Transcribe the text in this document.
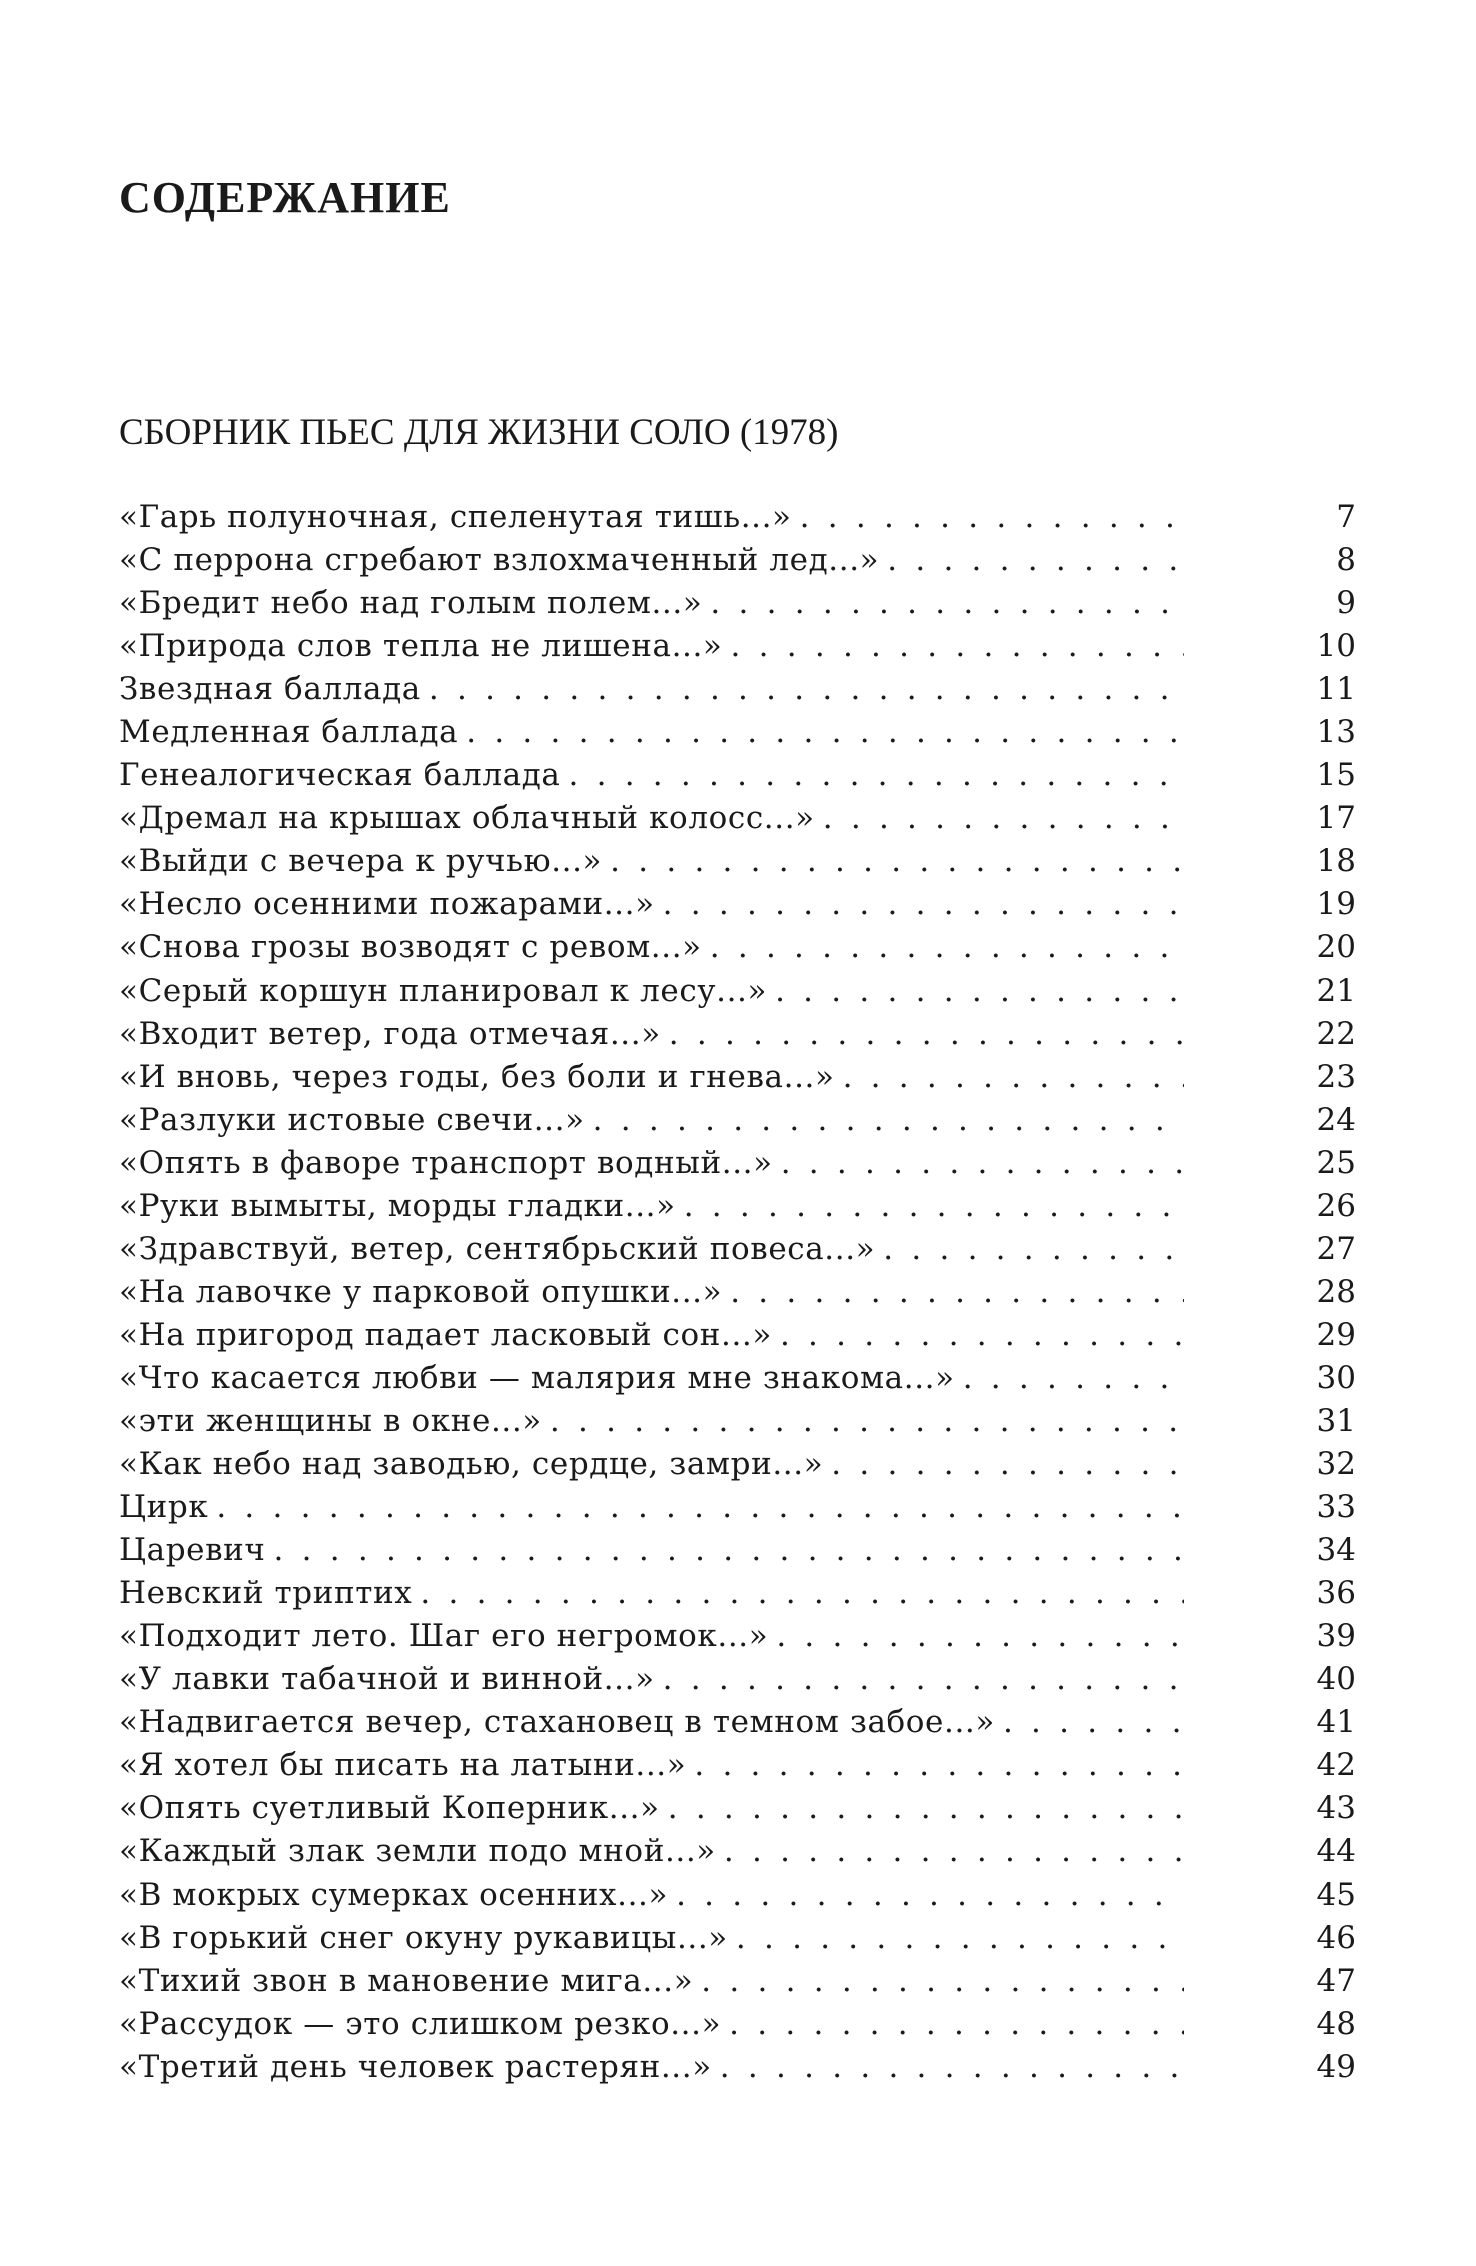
СОДЕРЖАНИЕ
СБОРНИК ПЬЕС ДЛЯ ЖИЗНИ СОЛО (1978)
«Гарь полуночная, спеленутая тишь...» . . .	7
«С перрона сгребают взлохмаченный лед...» . . .	8
«Бредит небо над голым полем...» . . .	9
«Природа слов тепла не лишена...» . . .	10
Звездная баллада . . .	11
Медленная баллада . . .	13
Генеалогическая баллада . . .	15
«Дремал на крышах облачный колосс...» . . .	17
«Выйди с вечера к ручью...» . . .	18
«Несло осенними пожарами...» . . .	19
«Снова грозы возводят с ревом...» . . .	20
«Серый коршун планировал к лесу...» . . .	21
«Входит ветер, года отмечая...» . . .	22
«И вновь, через годы, без боли и гнева...» . . .	23
«Разлуки истовые свечи...» . . .	24
«Опять в фаворе транспорт водный...» . . .	25
«Руки вымыты, морды гладки...» . . .	26
«Здравствуй, ветер, сентябрьский повеса...» . . .	27
«На лавочке у парковой опушки...» . . .	28
«На пригород падает ласковый сон...» . . .	29
«Что касается любви — малярия мне знакома...» . . .	30
«эти женщины в окне...» . . .	31
«Как небо над заводью, сердце, замри...» . . .	32
Цирк . . .	33
Царевич . . .	34
Невский триптих . . .	36
«Подходит лето. Шаг его негромок...» . . .	39
«У лавки табачной и винной...» . . .	40
«Надвигается вечер, стахановец в темном забое...» . . .	41
«Я хотел бы писать на латыни...» . . .	42
«Опять суетливый Коперник...» . . .	43
«Каждый злак земли подо мной...» . . .	44
«В мокрых сумерках осенних...» . . .	45
«В горький снег окуну рукавицы...» . . .	46
«Тихий звон в мановение мига...» . . .	47
«Рассудок — это слишком резко...» . . .	48
«Третий день человек растерян...» . . .	49
